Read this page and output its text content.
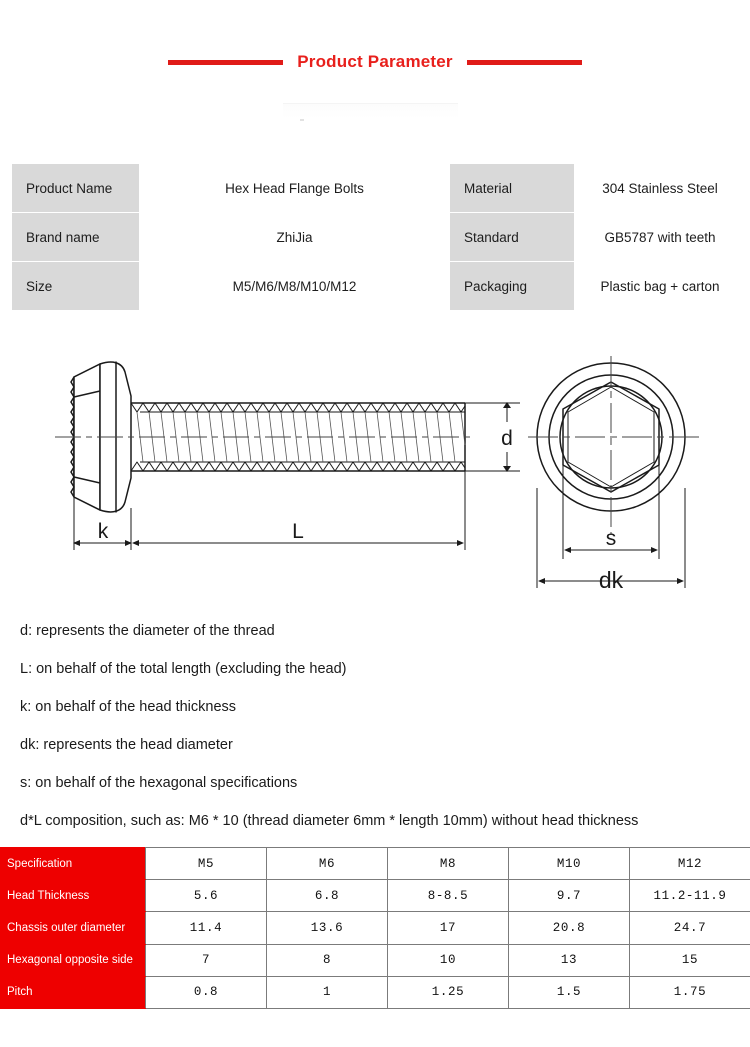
Product Parameter
Product Name	Hex Head Flange Bolts	Material	304 Stainless Steel
Brand name	ZhiJia	Standard	GB5787 with teeth
Size	M5/M6/M8/M10/M12	Packaging	Plastic bag + carton
d
L
k	s
dk
d: represents the diameter of the thread
L: on behalf of the total length (excluding the head)
k: on behalf of the head thickness
dk: represents the head diameter
s: on behalf of the hexagonal specifications
d*L composition, such as: M6 * 10 (thread diameter 6mm * length 10mm) without head thickness
Specification	M5	M6	M8	M10	M12
Head Thickness	5.6	6.8	8-8.5	9.7	11.2-11.9
Chassis outer diameter	11.4	13.6	17	20.8	24.7
Hexagonal opposite side	7	8	10	13	15
Pitch	0.8	1	1.25	1.5	1.75
